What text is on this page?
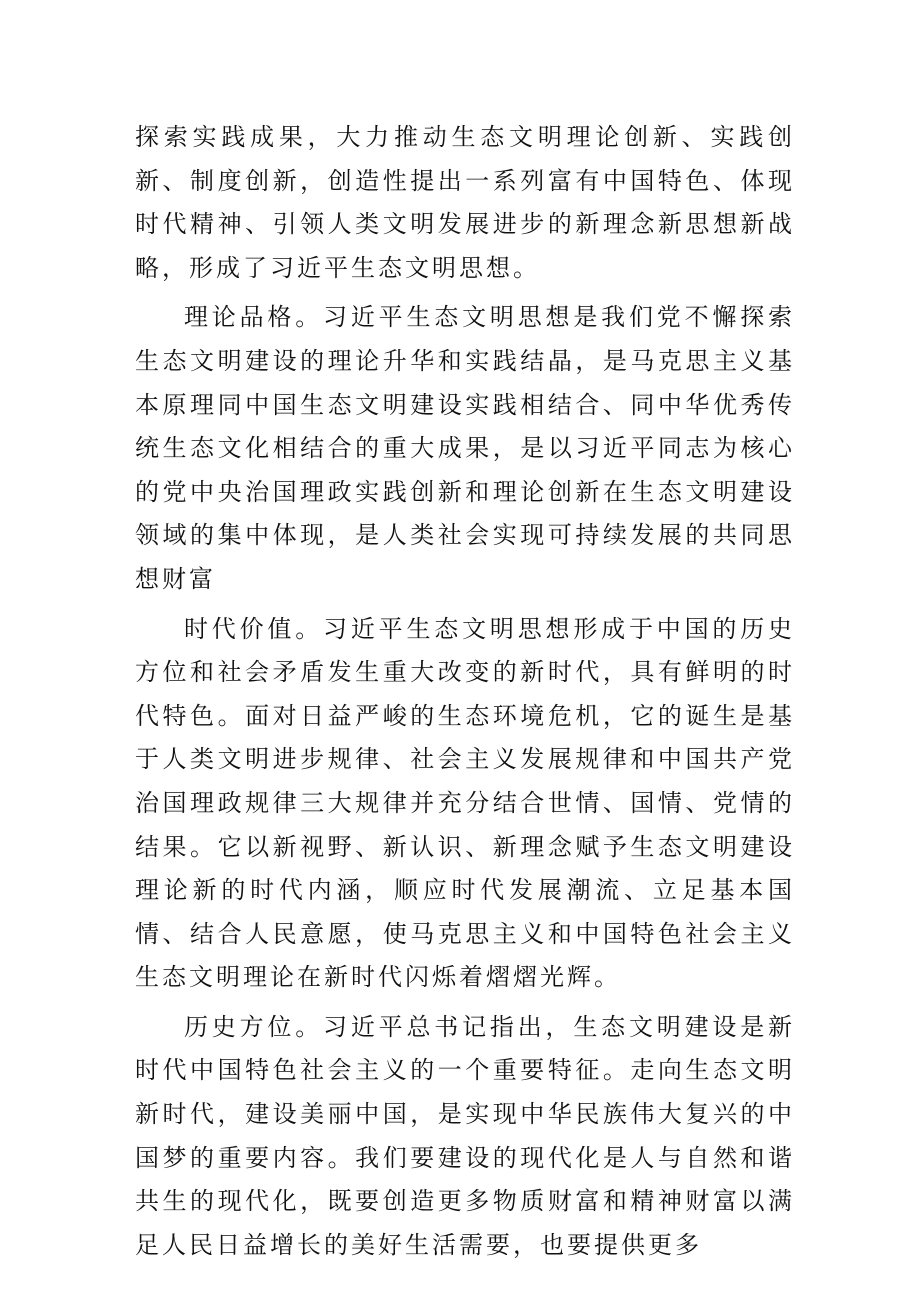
探索实践成果，大力推动生态文明理论创新、实践创新、制度创新，创造性提出一系列富有中国特色、体现时代精神、引领人类文明发展进步的新理念新思想新战略，形成了习近平生态文明思想。

理论品格。习近平生态文明思想是我们党不懈探索生态文明建设的理论升华和实践结晶，是马克思主义基本原理同中国生态文明建设实践相结合、同中华优秀传统生态文化相结合的重大成果，是以习近平同志为核心的党中央治国理政实践创新和理论创新在生态文明建设领域的集中体现，是人类社会实现可持续发展的共同思想财富

时代价值。习近平生态文明思想形成于中国的历史方位和社会矛盾发生重大改变的新时代，具有鲜明的时代特色。面对日益严峻的生态环境危机，它的诞生是基于人类文明进步规律、社会主义发展规律和中国共产党治国理政规律三大规律并充分结合世情、国情、党情的结果。它以新视野、新认识、新理念赋予生态文明建设理论新的时代内涵，顺应时代发展潮流、立足基本国情、结合人民意愿，使马克思主义和中国特色社会主义生态文明理论在新时代闪烁着熠熠光辉。

历史方位。习近平总书记指出，生态文明建设是新时代中国特色社会主义的一个重要特征。走向生态文明新时代，建设美丽中国，是实现中华民族伟大复兴的中国梦的重要内容。我们要建设的现代化是人与自然和谐共生的现代化，既要创造更多物质财富和精神财富以满足人民日益增长的美好生活需要，也要提供更多
